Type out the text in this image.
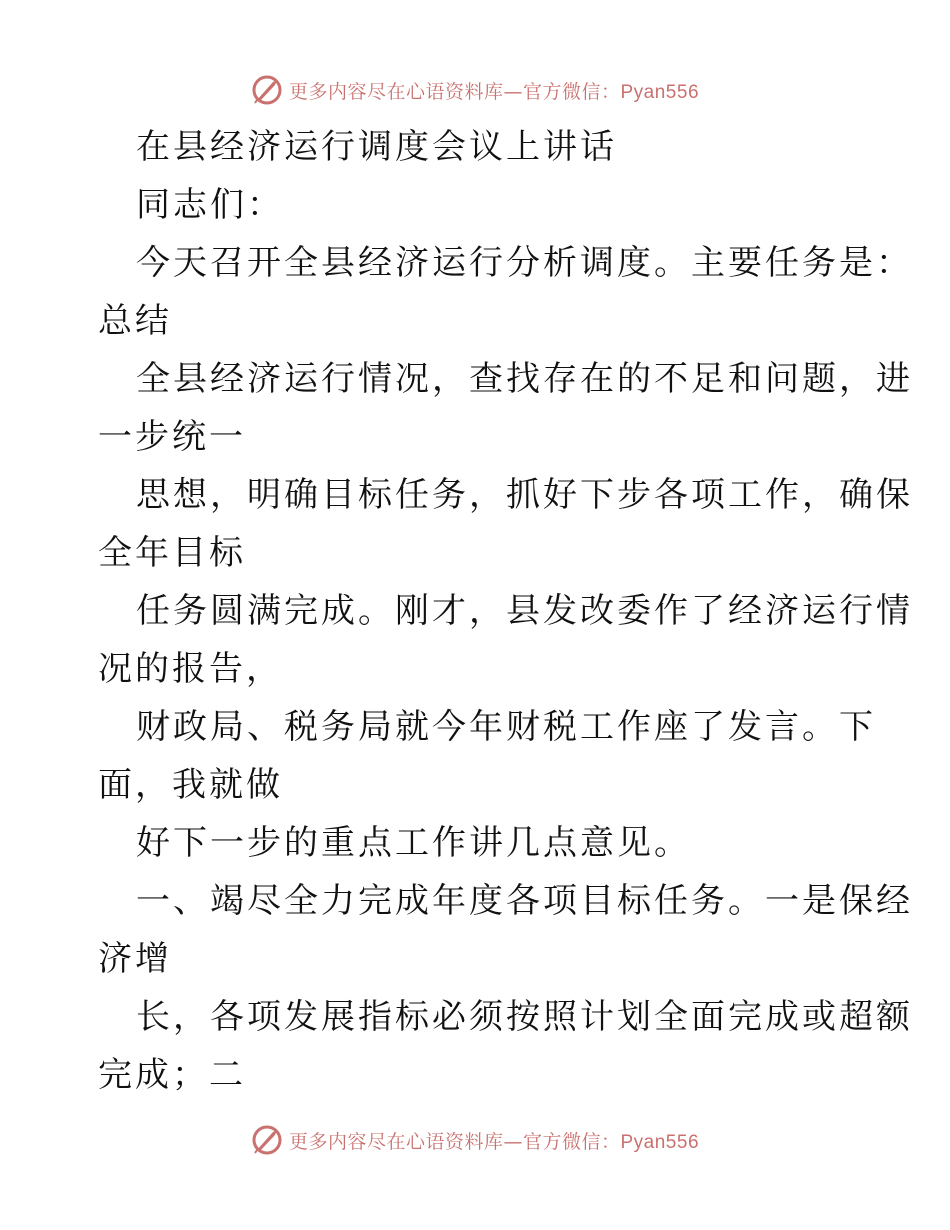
更多内容尽在心语资料库—官方微信：Pyan556
在县经济运行调度会议上讲话
同志们：
今天召开全县经济运行分析调度。主要任务是：
总结
全县经济运行情况，查找存在的不足和问题，进
一步统一
思想，明确目标任务，抓好下步各项工作，确保
全年目标
任务圆满完成。刚才，县发改委作了经济运行情
况的报告，
财政局、税务局就今年财税工作座了发言。下
面，我就做
好下一步的重点工作讲几点意见。
一、竭尽全力完成年度各项目标任务。一是保经
济增
长，各项发展指标必须按照计划全面完成或超额
完成；二
更多内容尽在心语资料库—官方微信：Pyan556
